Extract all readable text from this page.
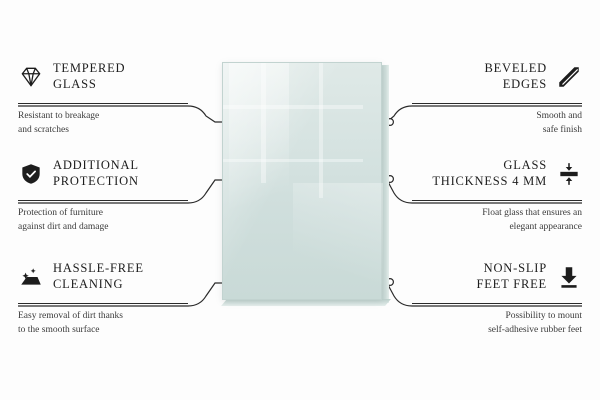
TEMPERED
GLASS
Resistant to breakage
and scratches
ADDITIONAL
PROTECTION
Protection of furniture
against dirt and damage
HASSLE-FREE
CLEANING
Easy removal of dirt thanks
to the smooth surface
BEVELED
EDGES
Smooth and
safe finish
GLASS
THICKNESS 4 MM
Float glass that ensures an
elegant appearance
NON-SLIP
FEET FREE
Possibility to mount
self-adhesive rubber feet
